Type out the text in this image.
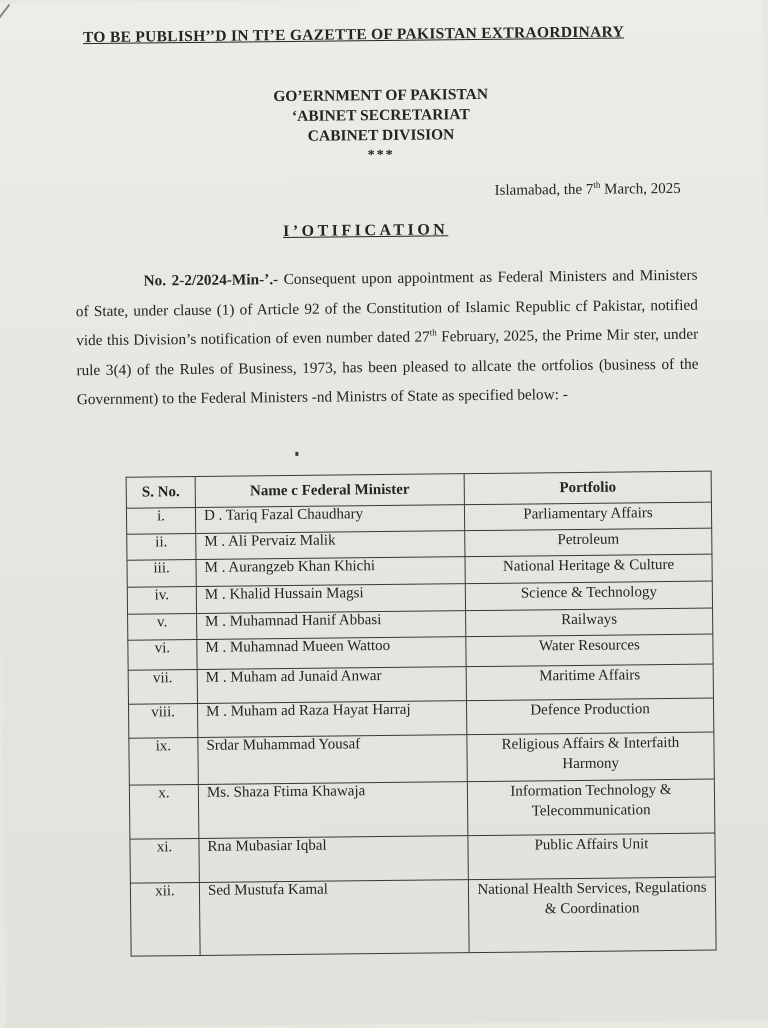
TO BE PUBLISH’’D IN TI’E GAZETTE OF PAKISTAN EXTRAORDINARY
GO’ERNMENT OF PAKISTAN
‘ABINET SECRETARIAT
CABINET DIVISION
***
Islamabad, the 7th March, 2025
I’OTIFICATION
No. 2-2/2024-Min-’.- Consequent upon appointment as Federal Ministers and Ministers of State, under clause (1) of Article 92 of the Constitution of Islamic Republic cf Pakistar, notified vide this Division’s notification of even number dated 27th February, 2025, the Prime Mir ster, under rule 3(4) of the Rules of Business, 1973, has been pleased to allcate the ortfolios (business of the Government) to the Federal Ministers ‐nd Ministrs of State as specified below: -
S. No.	Name c Federal Minister	Portfolio
i.	D . Tariq Fazal Chaudhary	Parliamentary Affairs
ii.	M . Ali Pervaiz Malik	Petroleum
iii.	M . Aurangzeb Khan Khichi	National Heritage & Culture
iv.	M . Khalid Hussain Magsi	Science & Technology
v.	M . Muhamnad Hanif Abbasi	Railways
vi.	M . Muhamnad Mueen Wattoo	Water Resources
vii.	M . Muham ad Junaid Anwar	Maritime Affairs
viii.	M . Muham ad Raza Hayat Harraj	Defence Production
ix.	Srdar Muhammad Yousaf	Religious Affairs & Interfaith Harmony
x.	Ms. Shaza Ftima Khawaja	Information Technology & Telecommunication
xi.	Rna Mubasiar Iqbal	Public Affairs Unit
xii.	Sed Mustufa Kamal	National Health Services, Regulations & Coordination
